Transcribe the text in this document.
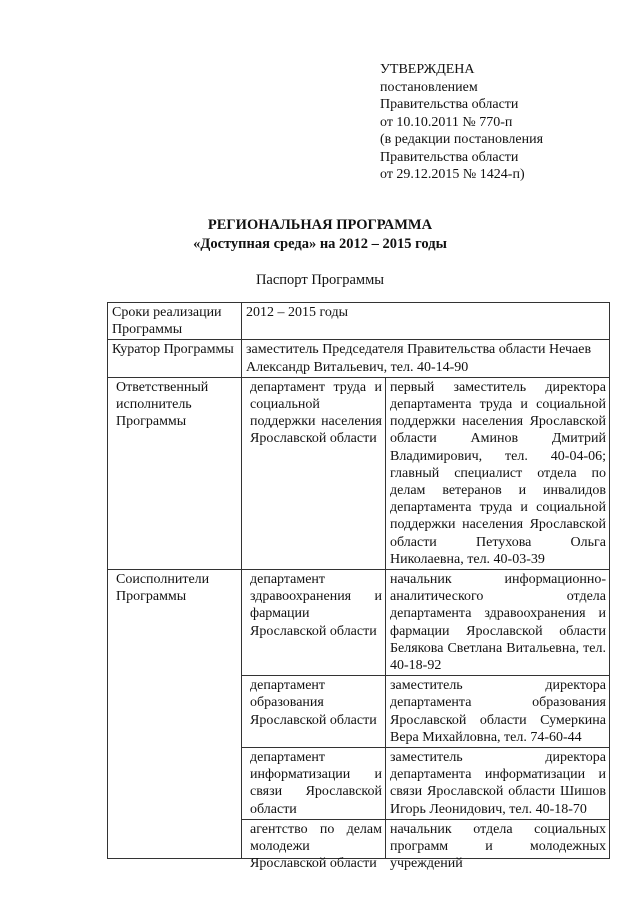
УТВЕРЖДЕНА
постановлением
Правительства области
от 10.10.2011 № 770-п
(в редакции постановления
Правительства области
от 29.12.2015 № 1424-п)
РЕГИОНАЛЬНАЯ ПРОГРАММА
«Доступная среда» на 2012 – 2015 годы
Паспорт Программы
Сроки реализации Программы	2012 – 2015 годы	
Куратор Программы	заместитель Председателя Правительства области Нечаев Александр Витальевич, тел. 40-14-90	
Ответственный исполнитель Программы	департамент труда и социальной поддержки населения Ярославской области	первый заместитель директора департамента труда и социальной поддержки населения Ярославской области Аминов Дмитрий Владимирович, тел. 40-04-06; главный специалист отдела по делам ветеранов и инвалидов департамента труда и социальной поддержки населения Ярославской области Петухова Ольга Николаевна, тел. 40-03-39
Соисполнители Программы	департамент здравоохранения и фармации Ярославской области	начальник информационно-аналитического отдела департамента здравоохранения и фармации Ярославской области Белякова Светлана Витальевна, тел. 40-18-92
	департамент образования Ярославской области	заместитель директора департамента образования Ярославской области Сумеркина Вера Михайловна, тел. 74-60-44
	департамент информатизации и связи Ярославской области	заместитель директора департамента информатизации и связи Ярославской области Шишов Игорь Леонидович, тел. 40-18-70

	агентство по делам молодежи Ярославской области	начальник отдела социальных программ и молодежных учреждений
